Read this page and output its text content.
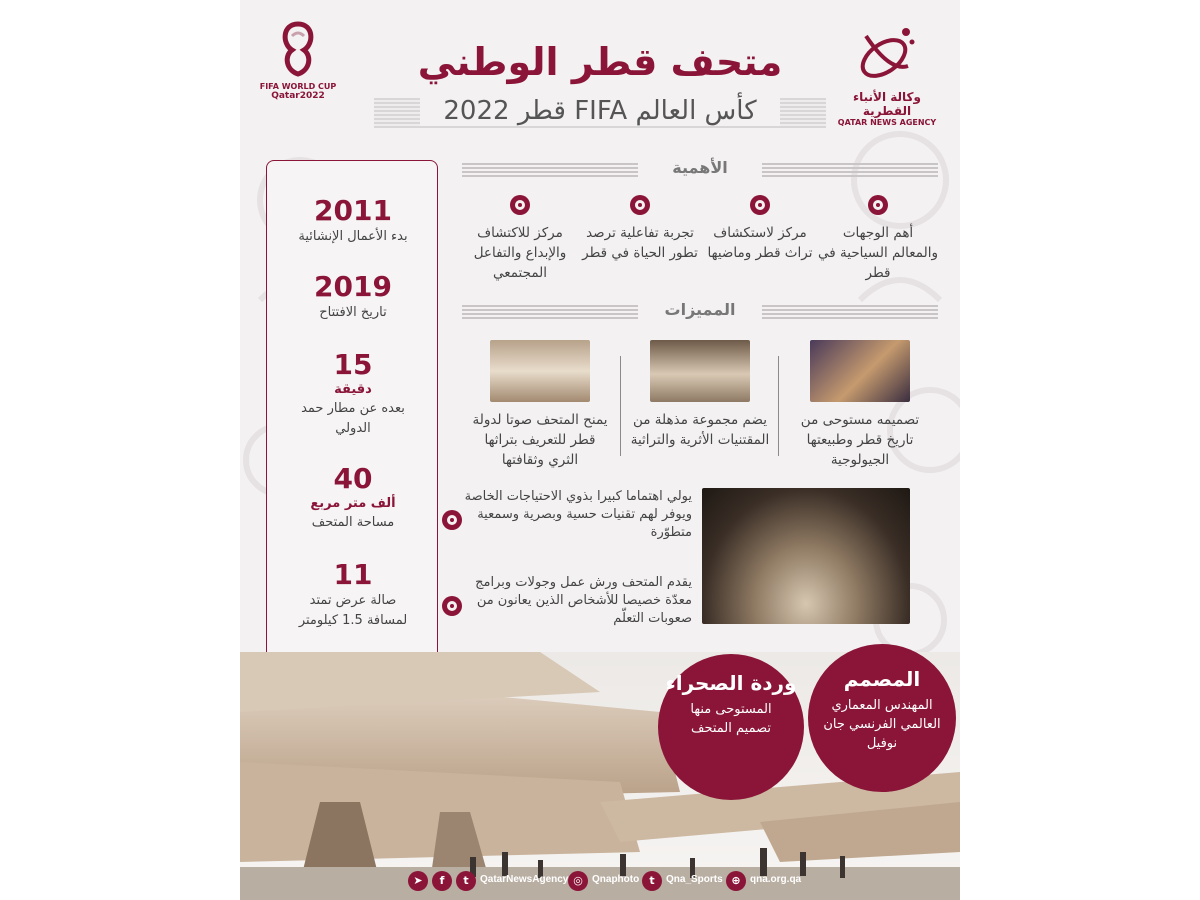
وكالة الأنباء القطرية
QATAR NEWS AGENCY
FIFA WORLD CUP
Qatar2022
متحف قطر الوطني
كأس العالم FIFA قطر 2022
الأهمية
أهم الوجهات والمعالم السياحية في قطر
مركز لاستكشاف تراث قطر وماضيها
تجربة تفاعلية ترصد تطور الحياة في قطر
مركز للاكتشاف والإبداع والتفاعل المجتمعي
المميزات
تصميمه مستوحى من تاريخ قطر وطبيعتها الجيولوجية
يضم مجموعة مذهلة من المقتنيات الأثرية والتراثية
يمنح المتحف صوتا لدولة قطر للتعريف بتراثها الثري وثقافتها
يولي اهتماما كبيرا بذوي الاحتياجات الخاصة ويوفر لهم تقنيات حسية وبصرية وسمعية متطوّرة
يقدم المتحف ورش عمل وجولات وبرامج معدّة خصيصا للأشخاص الذين يعانون من صعوبات التعلّم
2011
بدء الأعمال الإنشائية
2019
تاريخ الافتتاح
15
دقيقة
بعده عن مطار حمد الدولي
40
ألف متر مربع
مساحة المتحف
11
صالة عرض تمتد لمسافة 1.5 كيلومتر
المصمم
المهندس المعماري العالمي الفرنسي جان نوفيل
وردة الصحراء
المستوحى منها تصميم المتحف
➤	f	t	QatarNewsAgency ◎ Qnaphoto t	Qna_Sports ⊕ qna.org.qa
